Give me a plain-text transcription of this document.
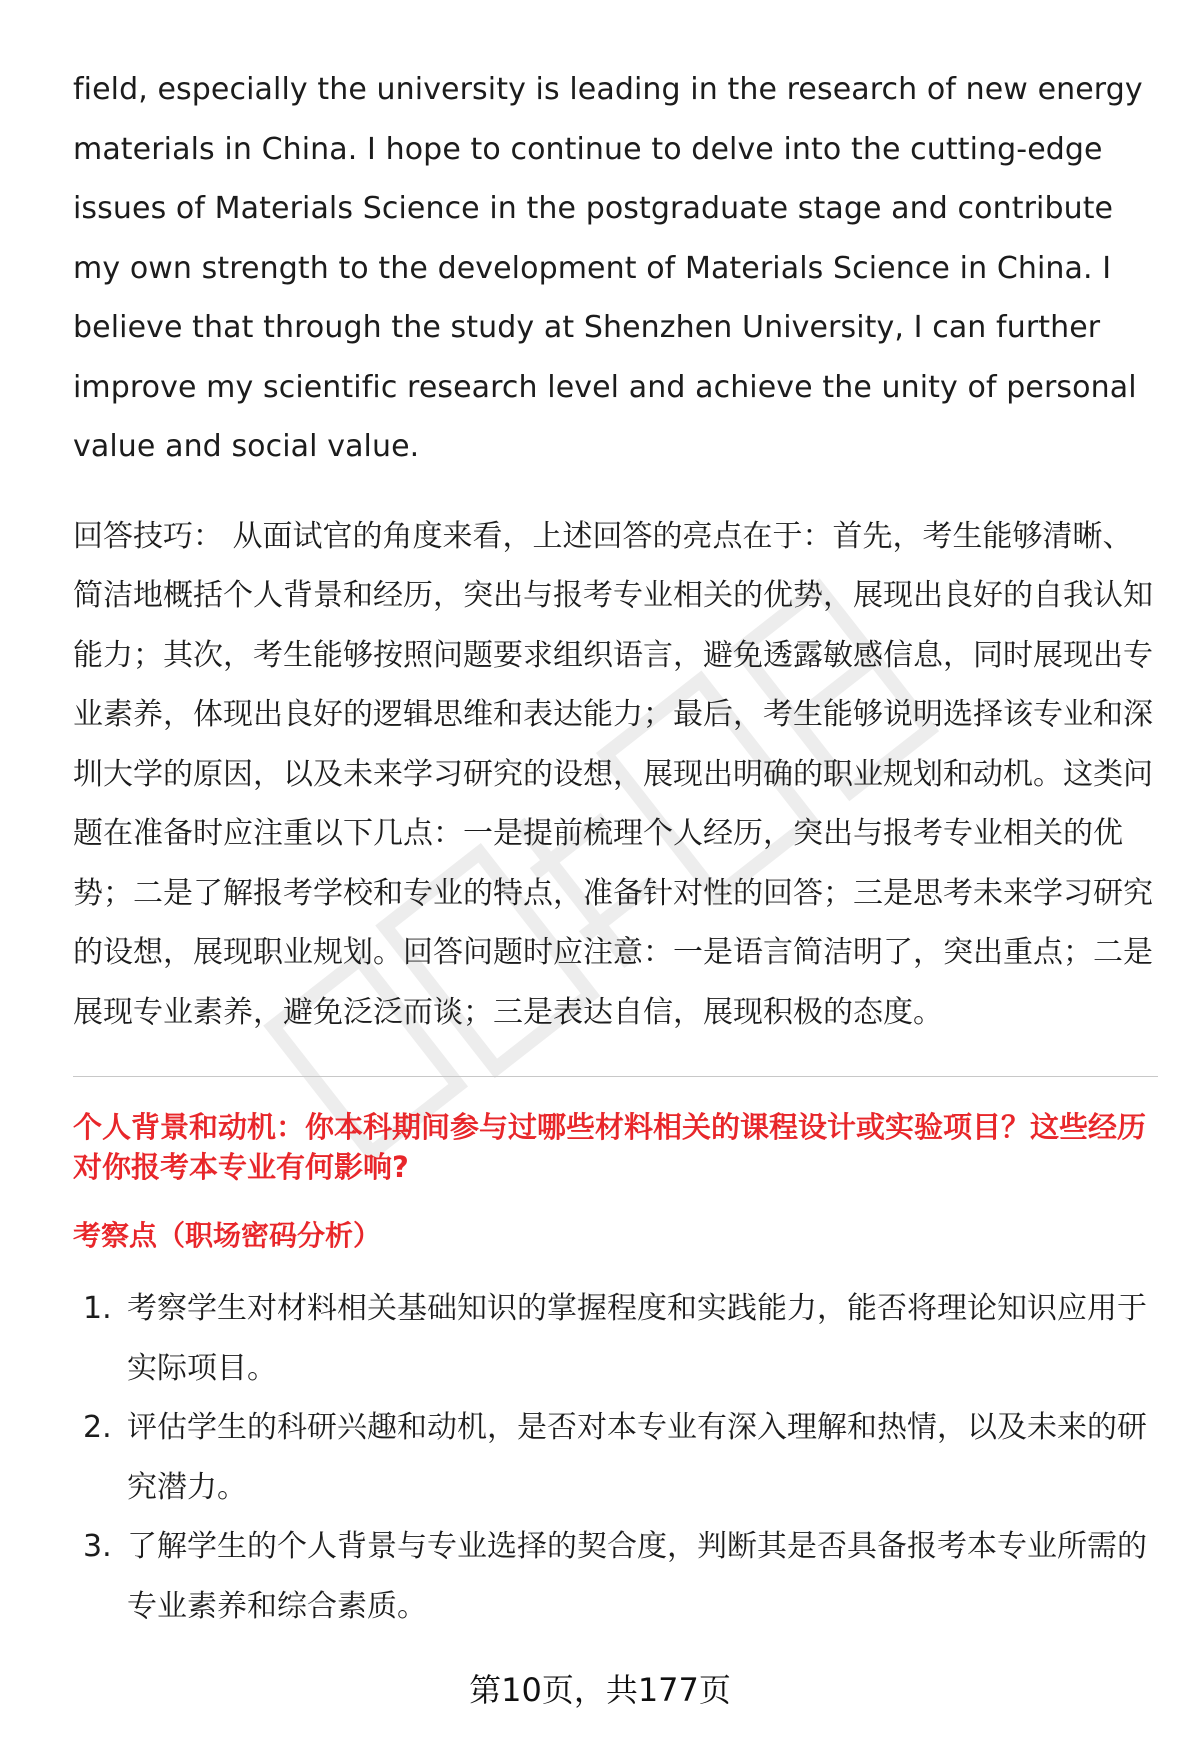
field, especially the university is leading in the research of new energy materials in China. I hope to continue to delve into the cutting-edge issues of Materials Science in the postgraduate stage and contribute my own strength to the development of Materials Science in China. I believe that through the study at Shenzhen University, I can further improve my scientific research level and achieve the unity of personal value and social value.

回答技巧： 从面试官的角度来看，上述回答的亮点在于：首先，考生能够清晰、简洁地概括个人背景和经历，突出与报考专业相关的优势，展现出良好的自我认知能力；其次，考生能够按照问题要求组织语言，避免透露敏感信息，同时展现出专业素养，体现出良好的逻辑思维和表达能力；最后，考生能够说明选择该专业和深圳大学的原因，以及未来学习研究的设想，展现出明确的职业规划和动机。这类问题在准备时应注重以下几点：一是提前梳理个人经历，突出与报考专业相关的优势；二是了解报考学校和专业的特点，准备针对性的回答；三是思考未来学习研究的设想，展现职业规划。回答问题时应注意：一是语言简洁明了，突出重点；二是展现专业素养，避免泛泛而谈；三是表达自信，展现积极的态度。

个人背景和动机：你本科期间参与过哪些材料相关的课程设计或实验项目？这些经历对你报考本专业有何影响?
考察点（职场密码分析）
1. 考察学生对材料相关基础知识的掌握程度和实践能力，能否将理论知识应用于实际项目。
2. 评估学生的科研兴趣和动机，是否对本专业有深入理解和热情，以及未来的研究潜力。
3. 了解学生的个人背景与专业选择的契合度，判断其是否具备报考本专业所需的专业素养和综合素质。
第10页，共177页
